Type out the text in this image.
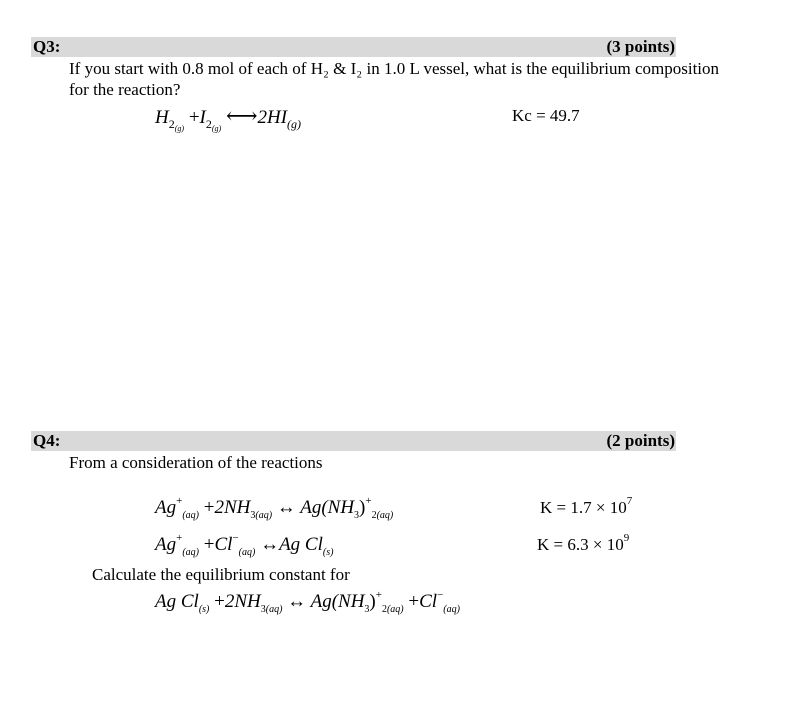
Q3:	(3 points)
If you start with 0.8 mol of each of H₂ & I₂ in 1.0 L vessel, what is the equilibrium composition
for the reaction?
$H_{2(g)} +I_{2(g)}$ $⟷2HI_{(g)}$	Kc = 49.7
Q4:	(2 points)
From a consideration of the reactions
$Ag^+_{(aq)} +2NH_{3(aq)}$ ↔ $Ag(NH_3)^+_{2(aq)}$	$K = 1.7 \times 10^7$
$Ag^+_{(aq)} +Cl^-_{(aq)}$ ↔Ag $Cl_{(s)}$	$K = 6.3 \times 10^9$
Calculate the equilibrium constant for
Ag $Cl_{(s)} +2NH_{3(aq)}$ ↔ $Ag(NH_3)^+_{2(aq)} +Cl^-_{(aq)}$
